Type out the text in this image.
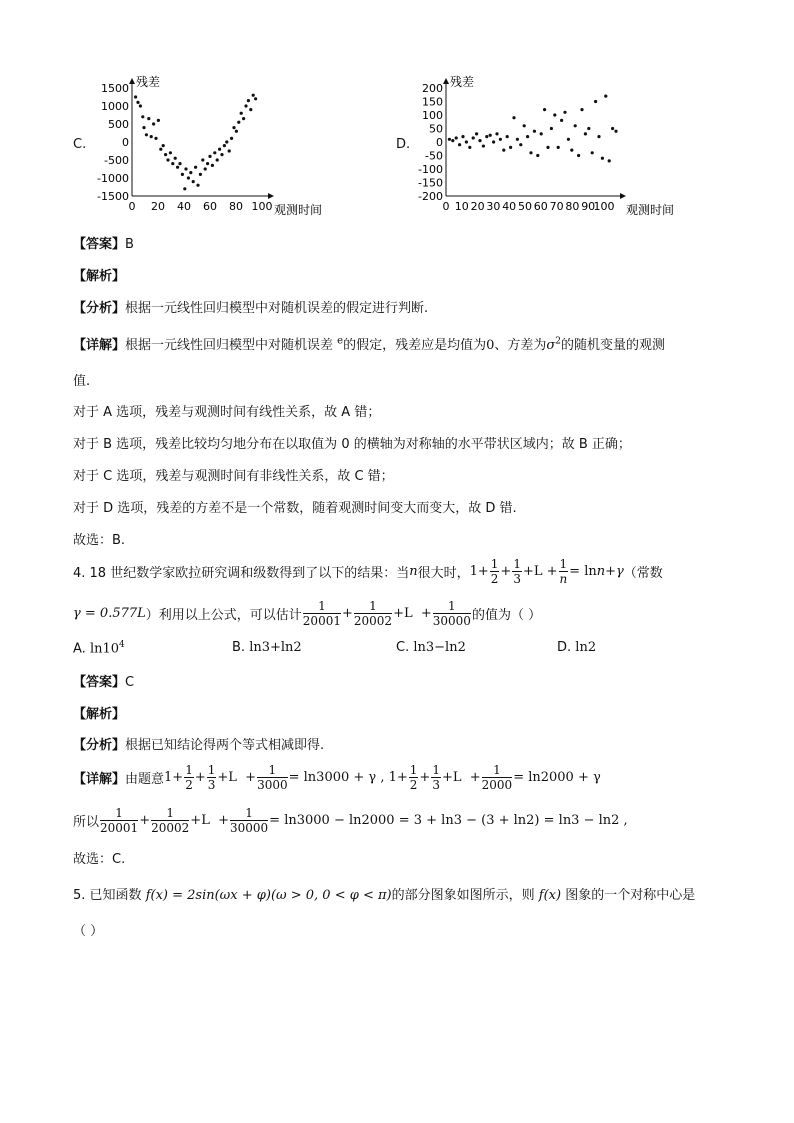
C.	D.
1500
1000
500
0
-500
-1000
-1500
0 20 40 60 80 100
残差
观测时间
200
150
100
50
0
-50
-100
-150
-200
0 10 20 30 40 50 60 70 80 90
100
残差
观测时间
【答案】B
【解析】
【分析】根据一元线性回归模型中对随机误差的假定进行判断.
【详解】根据一元线性回归模型中对随机误差 $^e$的假定，残差应是均值为0、方差为$\sigma^2$的随机变量的观测
值.
对于 A 选项，残差与观测时间有线性关系，故 A 错；
对于 B 选项，残差比较均匀地分布在以取值为 0 的横轴为对称轴的水平带状区域内；故 B 正确；
对于 C 选项，残差与观测时间有非线性关系，故 C 错；
对于 D 选项，残差的方差不是一个常数，随着观测时间变大而变大，故 D 错.
故选：B.
4. 18 世纪数学家欧拉研究调和级数得到了以下的结果：当 n 很大时， $1+ \frac{1}{2} + \frac{1}{3} +L + \frac{1}{n} = \ln n + \gamma$ （常数
γ = 0.577L ）利用以上公式，可以估计 $\frac{1}{20001} + \frac{1}{20002} +L + \frac{1}{30000}$ 的值为（ ）
A. $\ln 10^4$	B. ln3+ln2	C. ln3−ln2	D. ln2
【答案】C
【解析】
【分析】根据已知结论得两个等式相减即得.
【详解】 由题意 $1+ \frac{1}{2} + \frac{1}{3} +L + \frac{1}{3000} = \ln 3000 + \gamma$ , $1+ \frac{1}{2} + \frac{1}{3} +L + \frac{1}{2000} = \ln 2000 + \gamma$
所以 $\frac{1}{20001} + \frac{1}{20002} +L + \frac{1}{30000} = \ln 3000 - \ln 2000 = 3 + \ln 3 - (3 + \ln 2) = \ln 3 - \ln 2$ ,
故选：C.
5. 已知函数 f(x) = 2sin(ωx + φ)(ω > 0, 0 < φ < π)的部分图象如图所示，则 f(x) 图象的一个对称中心是
（ ）
